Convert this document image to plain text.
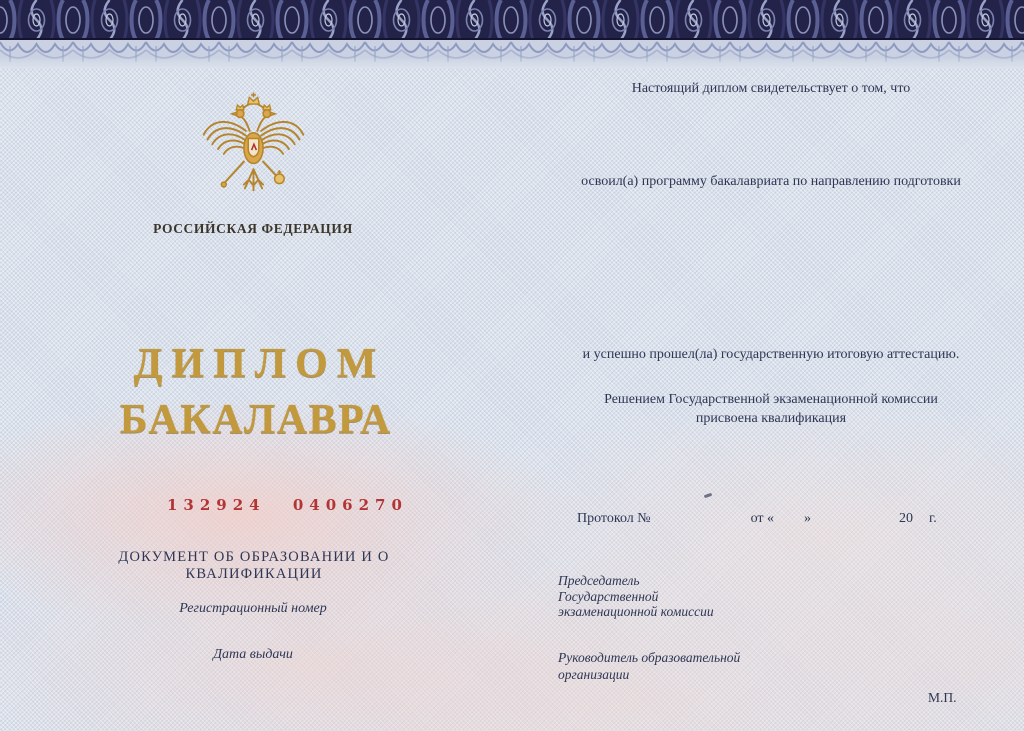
РОССИЙСКАЯ ФЕДЕРАЦИЯ
ДИПЛОМ
БАКАЛАВРА
132924 0406270
ДОКУМЕНТ ОБ ОБРАЗОВАНИИ И О КВАЛИФИКАЦИИ
Регистрационный номер
Дата выдачи
Настоящий диплом свидетельствует о том, что
освоил(а) программу бакалавриата по направлению подготовки
и успешно прошел(ла) государственную итоговую аттестацию.
Решением Государственной экзаменационной комиссии
присвоена квалификация
Протокол №	от « »	20 г.
Председатель
Государственной
экзаменационной комиссии
Руководитель образовательной
организации
М.П.
